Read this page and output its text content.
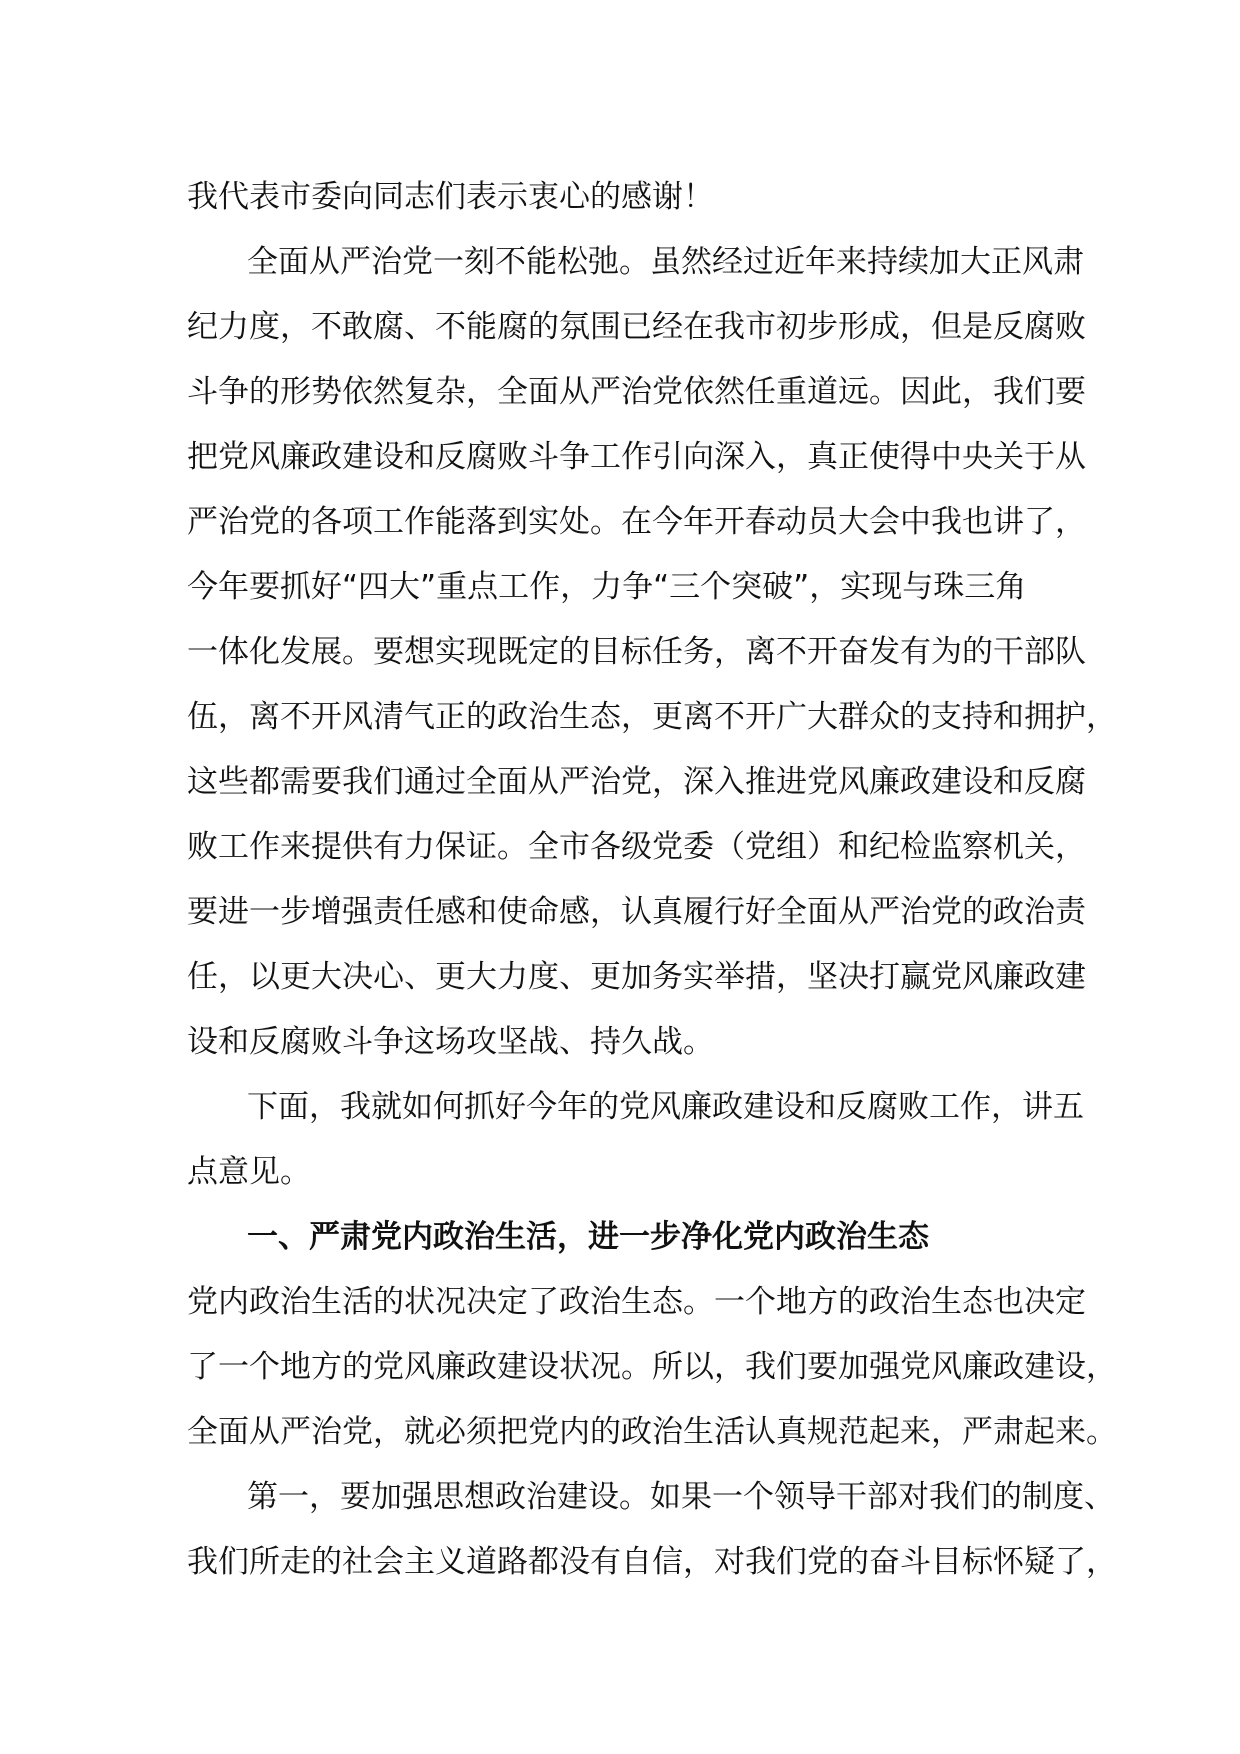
我代表市委向同志们表示衷心的感谢！
全面从严治党一刻不能松弛。虽然经过近年来持续加大正风肃
纪力度，不敢腐、不能腐的氛围已经在我市初步形成，但是反腐败
斗争的形势依然复杂，全面从严治党依然任重道远。因此，我们要
把党风廉政建设和反腐败斗争工作引向深入，真正使得中央关于从
严治党的各项工作能落到实处。在今年开春动员大会中我也讲了，
今年要抓好“四大”重点工作，力争“三个突破”，实现与珠三角
一体化发展。要想实现既定的目标任务，离不开奋发有为的干部队
伍，离不开风清气正的政治生态，更离不开广大群众的支持和拥护，
这些都需要我们通过全面从严治党，深入推进党风廉政建设和反腐
败工作来提供有力保证。全市各级党委（党组）和纪检监察机关，
要进一步增强责任感和使命感，认真履行好全面从严治党的政治责
任，以更大决心、更大力度、更加务实举措，坚决打赢党风廉政建
设和反腐败斗争这场攻坚战、持久战。
下面，我就如何抓好今年的党风廉政建设和反腐败工作，讲五
点意见。
一、严肃党内政治生活，进一步净化党内政治生态
党内政治生活的状况决定了政治生态。一个地方的政治生态也决定
了一个地方的党风廉政建设状况。所以，我们要加强党风廉政建设，
全面从严治党，就必须把党内的政治生活认真规范起来，严肃起来。
第一，要加强思想政治建设。如果一个领导干部对我们的制度、
我们所走的社会主义道路都没有自信，对我们党的奋斗目标怀疑了，
